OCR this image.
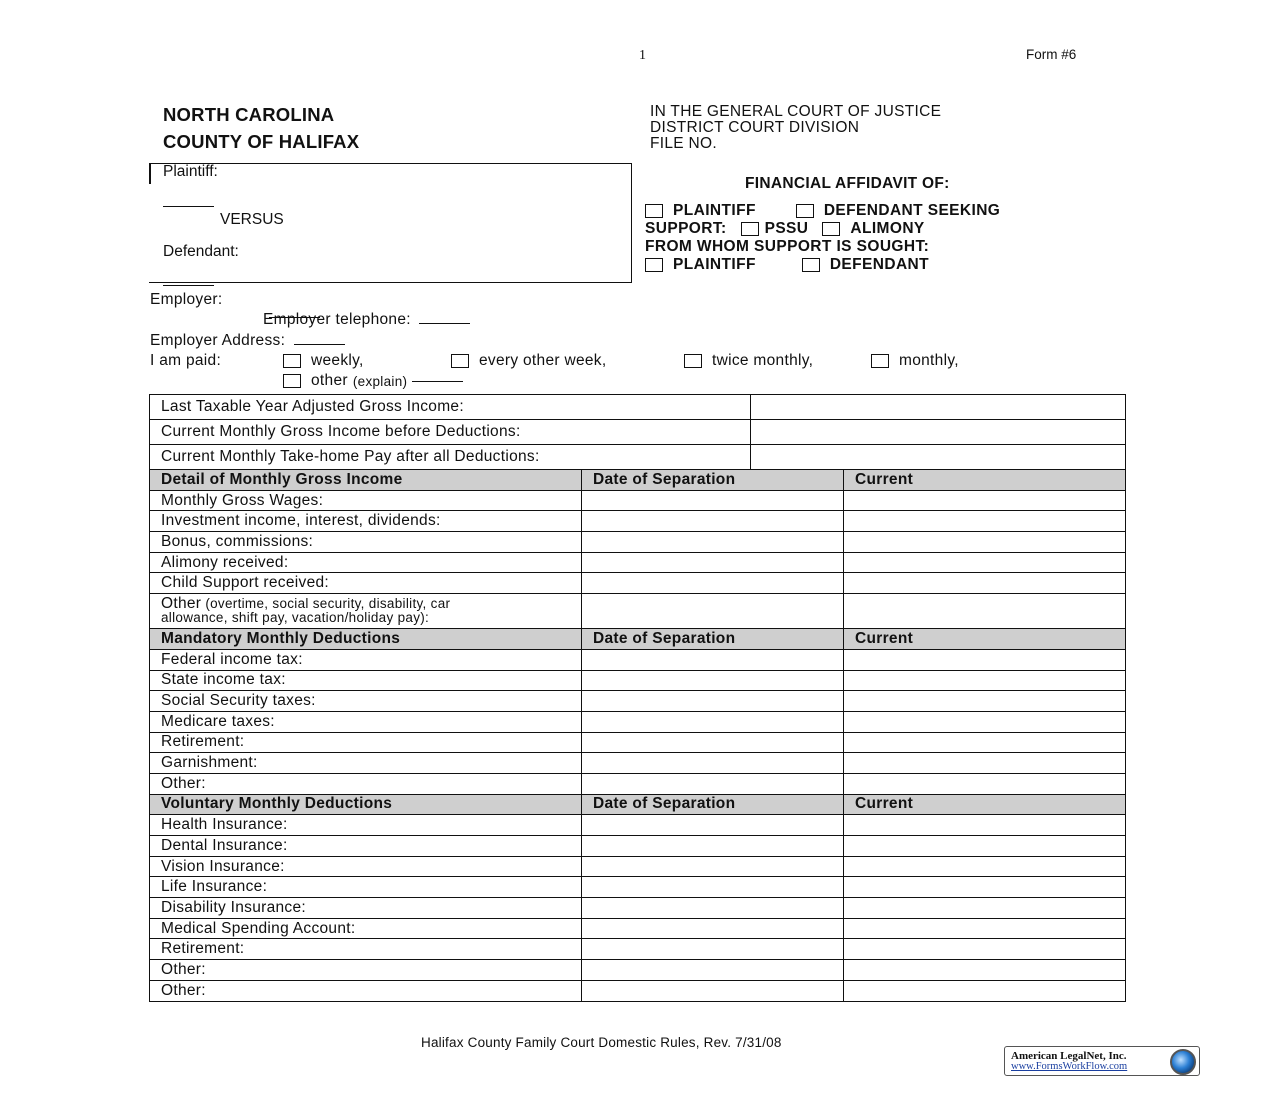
1	Form #6
NORTH CAROLINA
COUNTY OF HALIFAX
IN THE GENERAL COURT OF JUSTICE
DISTRICT COURT DIVISION
FILE NO.
Plaintiff:
VERSUS
Defendant:
FINANCIAL AFFIDAVIT OF:
PLAINTIFF	DEFENDANT SEEKING
SUPPORT: PSSU	ALIMONY
FROM WHOM SUPPORT IS SOUGHT:
PLAINTIFF	DEFENDANT
Employer:
Employer telephone:
Employer Address:
I am paid:	weekly,	every other week,	twice monthly,	monthly,
other (explain)
Last Taxable Year Adjusted Gross Income:	
Current Monthly Gross Income before Deductions:	
Current Monthly Take-home Pay after all Deductions:	
Detail of Monthly Gross Income	Date of Separation	Current
Monthly Gross Wages:		
Investment income, interest, dividends:		
Bonus, commissions:		
Alimony received:		
Child Support received:		
Other (overtime, social security, disability, car
allowance, shift pay, vacation/holiday pay):		
Mandatory Monthly Deductions	Date of Separation	Current
Federal income tax:		
State income tax:		
Social Security taxes:		
Medicare taxes:		
Retirement:		
Garnishment:		
Other:		
Voluntary Monthly Deductions	Date of Separation	Current
Health Insurance:		
Dental Insurance:		
Vision Insurance:		
Life Insurance:		
Disability Insurance:		
Medical Spending Account:		
Retirement:		
Other:		
Other:		
Halifax County Family Court Domestic Rules, Rev. 7/31/08
American LegalNet, Inc.
www.FormsWorkFlow.com
